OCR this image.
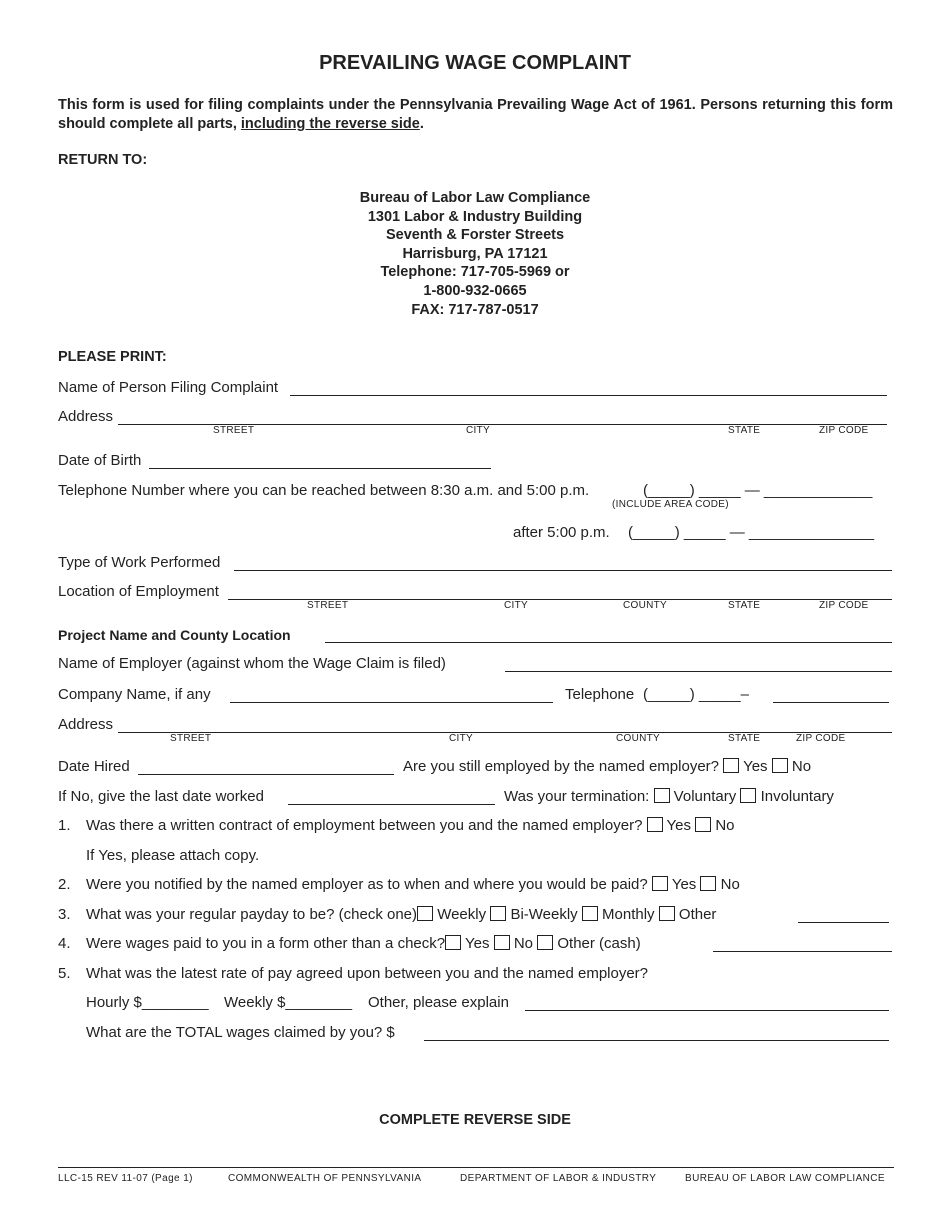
PREVAILING WAGE COMPLAINT
This form is used for filing complaints under the Pennsylvania Prevailing Wage Act of 1961. Persons returning this form should complete all parts, including the reverse side.
RETURN TO:
Bureau of Labor Law Compliance
1301 Labor & Industry Building
Seventh & Forster Streets
Harrisburg, PA 17121
Telephone: 717-705-5969 or
1-800-932-0665
FAX: 717-787-0517
PLEASE PRINT:
Name of Person Filing Complaint
Address
STREET	CITY	STATE	ZIP CODE
Date of Birth
Telephone Number where you can be reached between 8:30 a.m. and 5:00 p.m.	(_____) _____ — _____________
(INCLUDE AREA CODE)
after 5:00 p.m. (_____) _____ — _______________
Type of Work Performed
Location of Employment
STREET	CITY	COUNTY	STATE	ZIP CODE
Project Name and County Location
Name of Employer (against whom the Wage Claim is filed)
Company Name, if any	Telephone (_____) _____–
Address
STREET	CITY	COUNTY	STATE	ZIP CODE
Date Hired	Are you still employed by the named employer? Yes No
If No, give the last date worked	Was your termination: Voluntary Involuntary
1. Was there a written contract of employment between you and the named employer? Yes No
If Yes, please attach copy.
2. Were you notified by the named employer as to when and where you would be paid? Yes No
3. What was your regular payday to be? (check one) Weekly Bi-Weekly Monthly Other
4. Were wages paid to you in a form other than a check? Yes No Other (cash)
5. What was the latest rate of pay agreed upon between you and the named employer?
Hourly $________ Weekly $________ Other, please explain
What are the TOTAL wages claimed by you? $
COMPLETE REVERSE SIDE
LLC-15 REV 11-07 (Page 1)	COMMONWEALTH OF PENNSYLVANIA	DEPARTMENT OF LABOR & INDUSTRY	BUREAU OF LABOR LAW COMPLIANCE
